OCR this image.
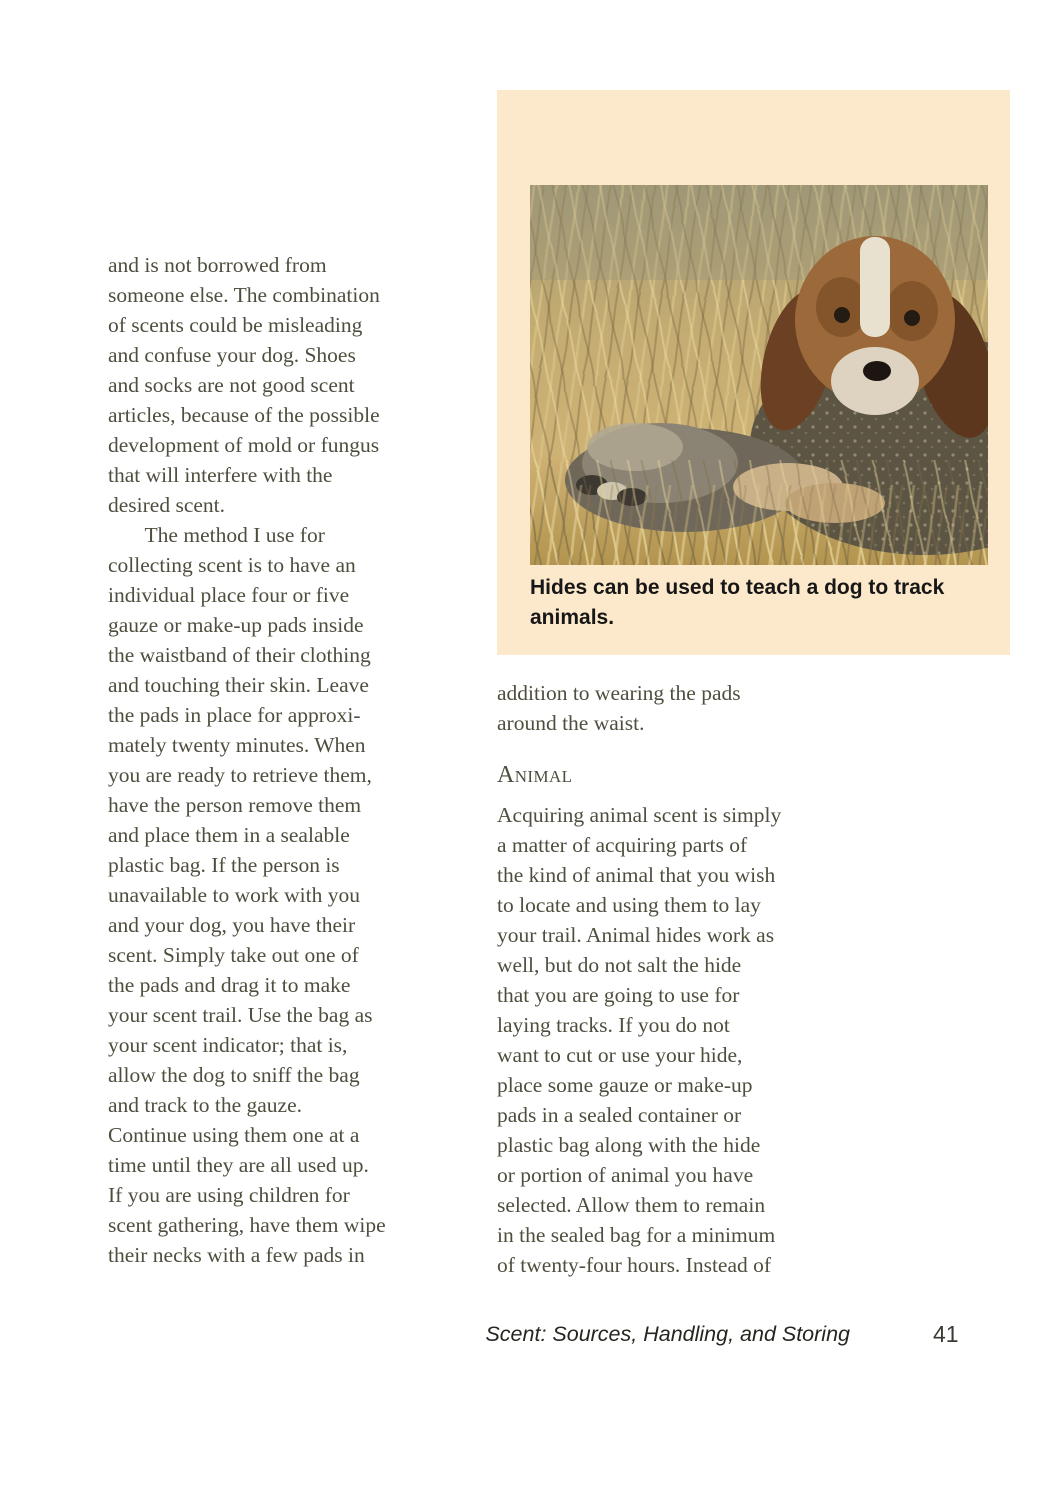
Hides can be used to teach a dog to track
animals.
and is not borrowed from
someone else. The combination
of scents could be misleading
and confuse your dog. Shoes
and socks are not good scent
articles, because of the possible
development of mold or fungus
that will interfere with the
desired scent.
The method I use for
collecting scent is to have an
individual place four or five
gauze or make-up pads inside
the waistband of their clothing
and touching their skin. Leave
the pads in place for approxi-
mately twenty minutes. When
you are ready to retrieve them,
have the person remove them
and place them in a sealable
plastic bag. If the person is
unavailable to work with you
and your dog, you have their
scent. Simply take out one of
the pads and drag it to make
your scent trail. Use the bag as
your scent indicator; that is,
allow the dog to sniff the bag
and track to the gauze.
Continue using them one at a
time until they are all used up.
If you are using children for
scent gathering, have them wipe
their necks with a few pads in
addition to wearing the pads
around the waist.
Animal
Acquiring animal scent is simply
a matter of acquiring parts of
the kind of animal that you wish
to locate and using them to lay
your trail. Animal hides work as
well, but do not salt the hide
that you are going to use for
laying tracks. If you do not
want to cut or use your hide,
place some gauze or make-up
pads in a sealed container or
plastic bag along with the hide
or portion of animal you have
selected. Allow them to remain
in the sealed bag for a minimum
of twenty-four hours. Instead of
Scent: Sources, Handling, and Storing	41
